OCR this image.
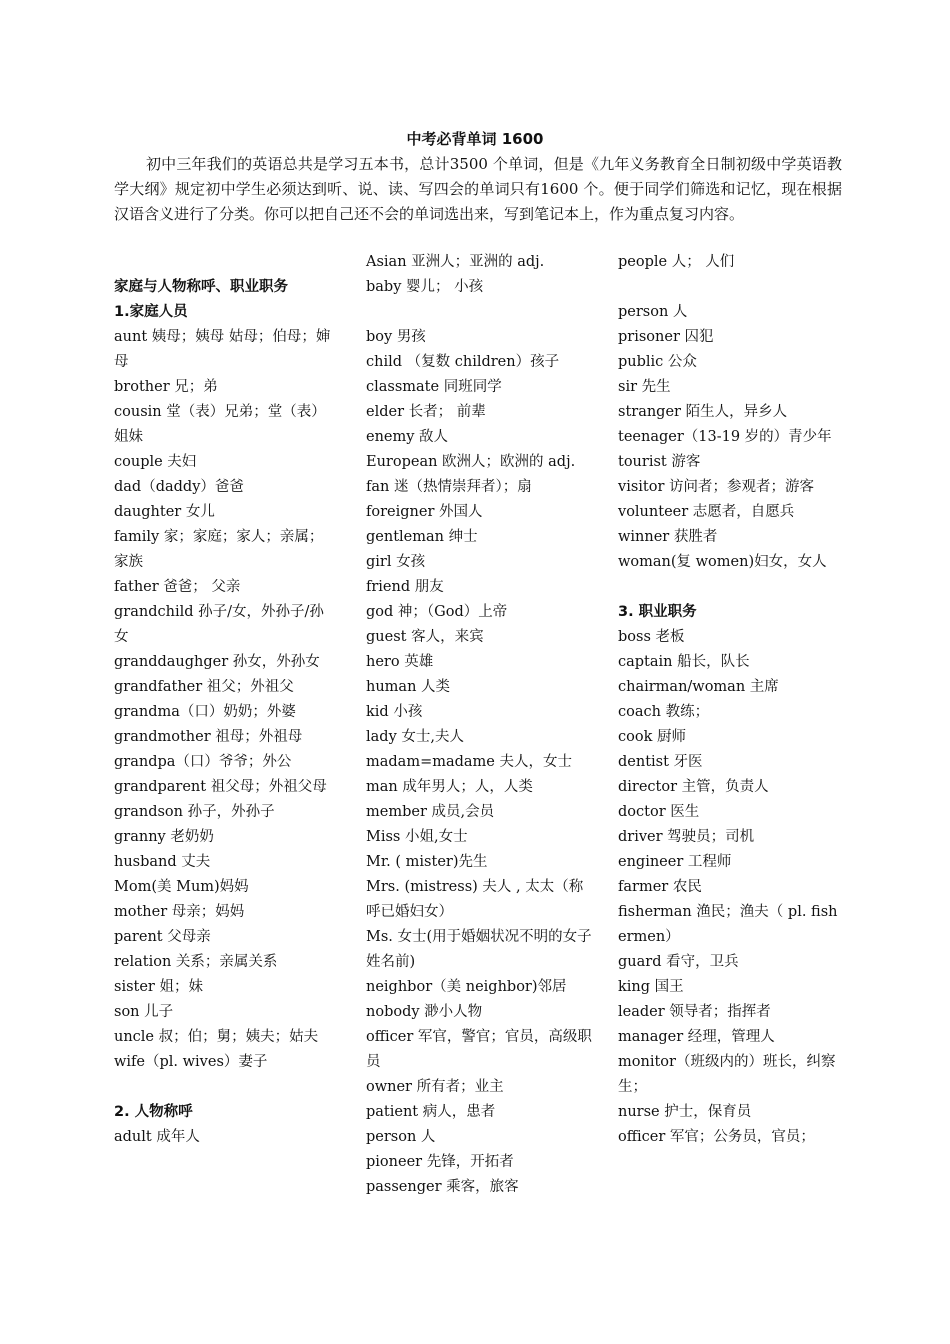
中考必背单词 1600
初中三年我们的英语总共是学习五本书，总计3500 个单词，但是《九年义务教育全日制初级中学英语教学大纲》规定初中学生必须达到听、说、读、写四会的单词只有1600 个。便于同学们筛选和记忆，现在根据汉语含义进行了分类。你可以把自己还不会的单词选出来，写到笔记本上，作为重点复习内容。
家庭与人物称呼、职业职务
1.家庭人员
aunt 姨母；姨母 姑母；伯母；婶母
brother 兄；弟
cousin 堂（表）兄弟；堂（表）姐妹
couple 夫妇
dad（daddy）爸爸
daughter 女儿
family 家；家庭；家人；亲属；家族
father 爸爸； 父亲
grandchild 孙子/女，外孙子/孙女
granddaughger 孙女，外孙女
grandfather 祖父；外祖父
grandma（口）奶奶；外婆
grandmother 祖母；外祖母
grandpa（口）爷爷；外公
grandparent 祖父母；外祖父母
grandson 孙子，外孙子
granny 老奶奶
husband 丈夫
Mom(美 Mum)妈妈
mother 母亲；妈妈
parent 父母亲
relation 关系；亲属关系
sister 姐；妹
son 儿子
uncle 叔；伯；舅；姨夫；姑夫
wife（pl. wives）妻子
2. 人物称呼
adult 成年人
Asian 亚洲人；亚洲的 adj.
baby 婴儿； 小孩
boy 男孩
child （复数 children）孩子
classmate 同班同学
elder 长者； 前辈
enemy 敌人
European 欧洲人；欧洲的 adj.
fan 迷（热情崇拜者）；扇
foreigner 外国人
gentleman 绅士
girl 女孩
friend 朋友
god 神；（God）上帝
guest 客人，来宾
hero 英雄
human 人类
kid 小孩
lady 女士,夫人
madam=madame 夫人，女士
man 成年男人；人，人类
member 成员,会员
Miss 小姐,女士
Mr. ( mister)先生
Mrs. (mistress) 夫人 , 太太（称呼已婚妇女）
Ms. 女士(用于婚姻状况不明的女子姓名前)
neighbor（美 neighbor)邻居
nobody 渺小人物
officer 军官，警官；官员，高级职员
owner 所有者；业主
patient 病人，患者
person 人
pioneer 先锋，开拓者
passenger 乘客，旅客
people 人； 人们
person 人
prisoner 囚犯
public 公众
sir 先生
stranger 陌生人，异乡人
teenager（13-19 岁的）青少年
tourist 游客
visitor 访问者；参观者；游客
volunteer 志愿者，自愿兵
winner 获胜者
woman(复 women)妇女，女人
3. 职业职务
boss 老板
captain 船长，队长
chairman/woman 主席
coach 教练；
cook 厨师
dentist 牙医
director 主管，负责人
doctor 医生
driver 驾驶员；司机
engineer 工程师
farmer 农民
fisherman 渔民；渔夫（ pl. fishermen）
guard 看守，卫兵
king 国王
leader 领导者；指挥者
manager 经理，管理人
monitor（班级内的）班长，纠察生；
nurse 护士，保育员
officer 军官；公务员，官员；
